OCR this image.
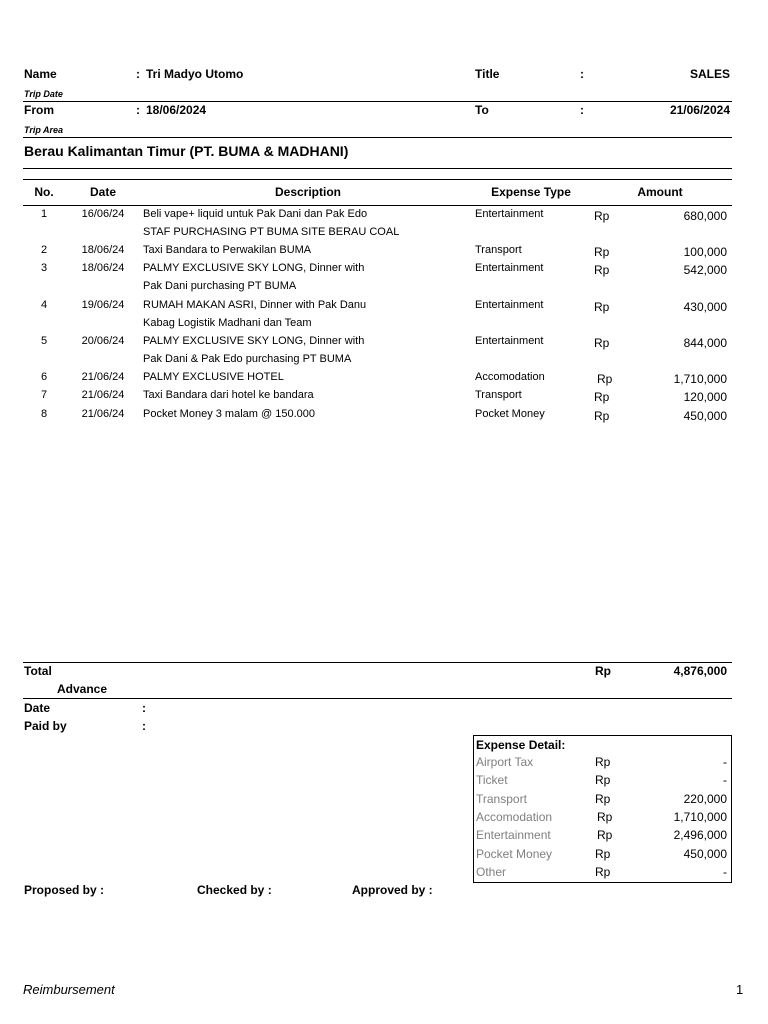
Name	: Tri Madyo Utomo	Title	:	SALES
Trip Date
From	: 18/06/2024	To	:	21/06/2024
Trip Area
Berau Kalimantan Timur (PT. BUMA & MADHANI)
No.	Date	Description	Expense Type	Amount
1	16/06/24	Beli vape+ liquid untuk Pak Dani dan Pak Edo	Entertainment	Rp	680,000
STAF PURCHASING PT BUMA SITE BERAU COAL
2	18/06/24	Taxi Bandara to Perwakilan BUMA	Transport	Rp	100,000
3	18/06/24	PALMY EXCLUSIVE SKY LONG, Dinner with	Entertainment	Rp	542,000
Pak Dani purchasing PT BUMA
4	19/06/24	RUMAH MAKAN ASRI, Dinner with Pak Danu	Entertainment	Rp	430,000
Kabag Logistik Madhani dan Team
5	20/06/24	PALMY EXCLUSIVE SKY LONG, Dinner with	Entertainment	Rp	844,000
Pak Dani & Pak Edo purchasing PT BUMA
6	21/06/24	PALMY EXCLUSIVE HOTEL	Accomodation	Rp	1,710,000
7	21/06/24	Taxi Bandara dari hotel ke bandara	Transport	Rp	120,000
8	21/06/24	Pocket Money 3 malam @ 150.000	Pocket Money	Rp	450,000
Total	Rp	4,876,000
Advance
Date	:
Paid by	:
Expense Detail:
Airport Tax	Rp	-
Ticket	Rp	-
Transport	Rp	220,000
Accomodation	Rp	1,710,000
Entertainment	Rp	2,496,000
Pocket Money	Rp	450,000
Other	Rp	-
Proposed by :	Checked by :	Approved by :
Reimbursement	1
